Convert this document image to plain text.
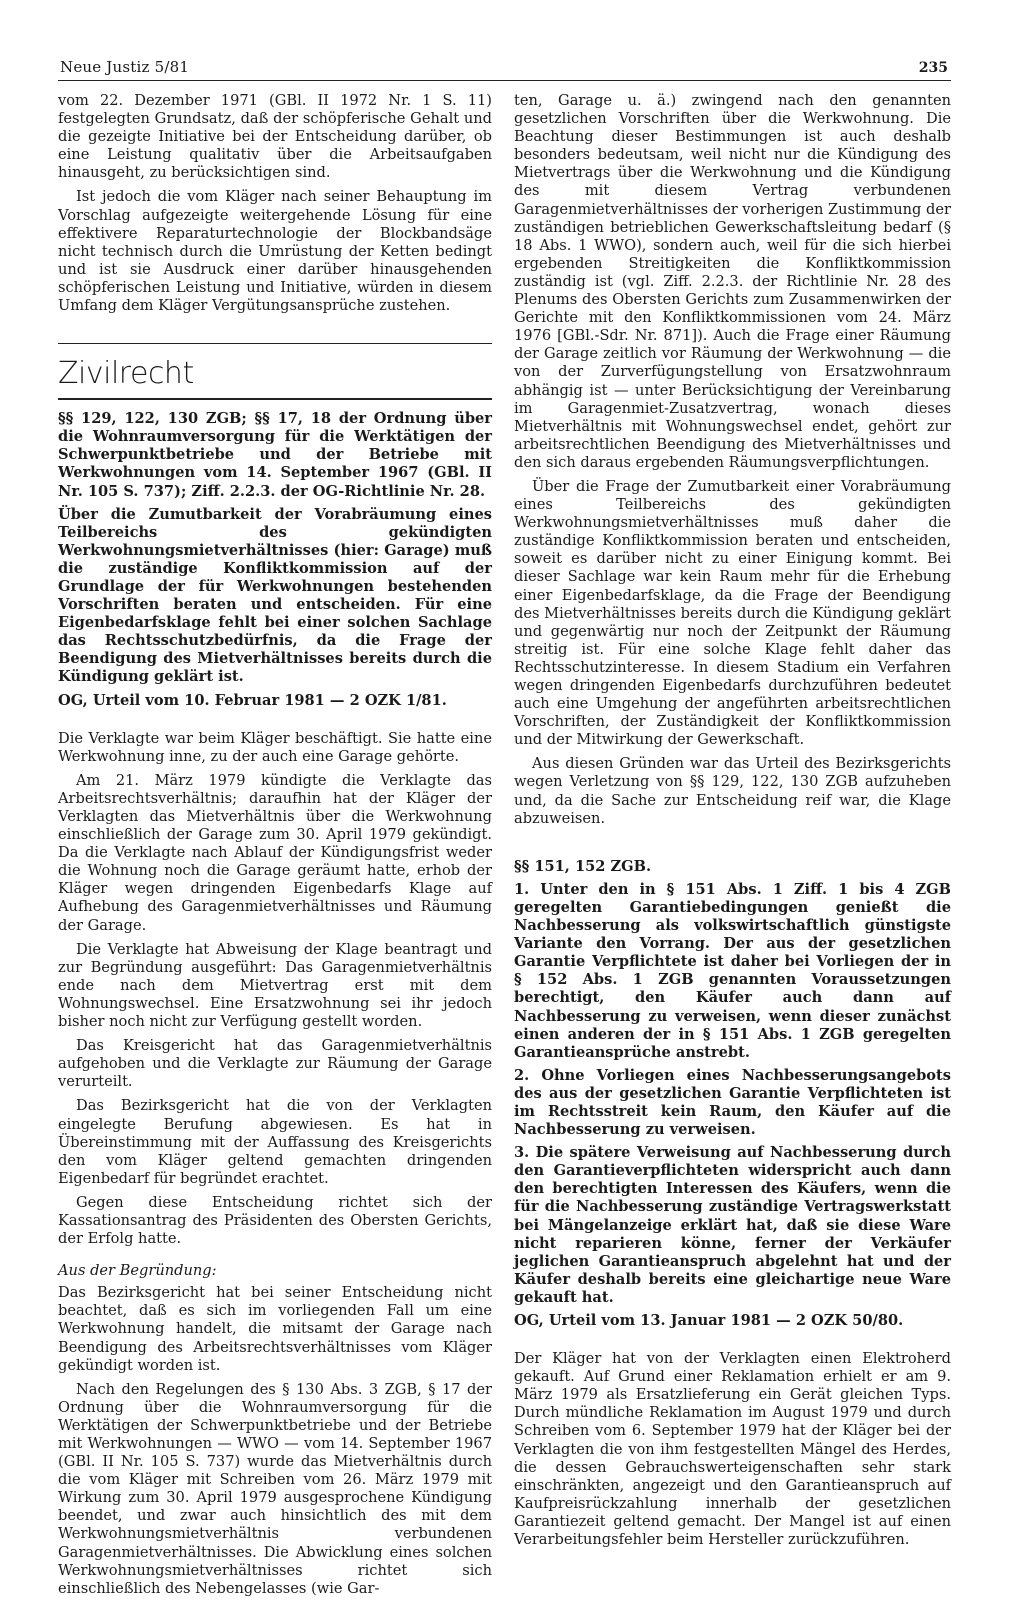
Neue Justiz 5/81	235

vom 22. Dezember 1971 (GBl. II 1972 Nr. 1 S. 11) festgelegten Grundsatz, daß der schöpferische Gehalt und die gezeigte Initiative bei der Entscheidung darüber, ob eine Leistung qualitativ über die Arbeitsaufgaben hinausgeht, zu berücksichtigen sind.

Ist jedoch die vom Kläger nach seiner Behauptung im Vorschlag aufgezeigte weitergehende Lösung für eine effektivere Reparaturtechnologie der Blockbandsäge nicht technisch durch die Umrüstung der Ketten bedingt und ist sie Ausdruck einer darüber hinausgehenden schöpferischen Leistung und Initiative, würden in diesem Umfang dem Kläger Vergütungsansprüche zustehen.

Zivilrecht

§§ 129, 122, 130 ZGB; §§ 17, 18 der Ordnung über die Wohnraumversorgung für die Werktätigen der Schwerpunktbetriebe und der Betriebe mit Werkwohnungen vom 14. September 1967 (GBl. II Nr. 105 S. 737); Ziff. 2.2.3. der OG-Richtlinie Nr. 28.

Über die Zumutbarkeit der Vorabräumung eines Teilbereichs des gekündigten Werkwohnungsmietverhältnisses (hier: Garage) muß die zuständige Konfliktkommission auf der Grundlage der für Werkwohnungen bestehenden Vorschriften beraten und entscheiden. Für eine Eigenbedarfsklage fehlt bei einer solchen Sachlage das Rechtsschutzbedürfnis, da die Frage der Beendigung des Mietverhältnisses bereits durch die Kündigung geklärt ist.

OG, Urteil vom 10. Februar 1981 — 2 OZK 1/81.

Die Verklagte war beim Kläger beschäftigt. Sie hatte eine Werkwohnung inne, zu der auch eine Garage gehörte.

Am 21. März 1979 kündigte die Verklagte das Arbeitsrechtsverhältnis; daraufhin hat der Kläger der Verklagten das Mietverhältnis über die Werkwohnung einschließlich der Garage zum 30. April 1979 gekündigt. Da die Verklagte nach Ablauf der Kündigungsfrist weder die Wohnung noch die Garage geräumt hatte, erhob der Kläger wegen dringenden Eigenbedarfs Klage auf Aufhebung des Garagenmietverhältnisses und Räumung der Garage.

Die Verklagte hat Abweisung der Klage beantragt und zur Begründung ausgeführt: Das Garagenmietverhältnis ende nach dem Mietvertrag erst mit dem Wohnungswechsel. Eine Ersatzwohnung sei ihr jedoch bisher noch nicht zur Verfügung gestellt worden.

Das Kreisgericht hat das Garagenmietverhältnis aufgehoben und die Verklagte zur Räumung der Garage verurteilt.

Das Bezirksgericht hat die von der Verklagten eingelegte Berufung abgewiesen. Es hat in Übereinstimmung mit der Auffassung des Kreisgerichts den vom Kläger geltend gemachten dringenden Eigenbedarf für begründet erachtet.

Gegen diese Entscheidung richtet sich der Kassationsantrag des Präsidenten des Obersten Gerichts, der Erfolg hatte.

Aus der Begründung:

Das Bezirksgericht hat bei seiner Entscheidung nicht beachtet, daß es sich im vorliegenden Fall um eine Werkwohnung handelt, die mitsamt der Garage nach Beendigung des Arbeitsrechtsverhältnisses vom Kläger gekündigt worden ist.

Nach den Regelungen des § 130 Abs. 3 ZGB, § 17 der Ordnung über die Wohnraumversorgung für die Werktätigen der Schwerpunktbetriebe und der Betriebe mit Werkwohnungen — WWO — vom 14. September 1967 (GBl. II Nr. 105 S. 737) wurde das Mietverhältnis durch die vom Kläger mit Schreiben vom 26. März 1979 mit Wirkung zum 30. April 1979 ausgesprochene Kündigung beendet, und zwar auch hinsichtlich des mit dem Werkwohnungsmietverhältnis verbundenen Garagenmietverhältnisses. Die Abwicklung eines solchen Werkwohnungsmietverhältnisses richtet sich einschließlich des Nebengelasses (wie Gar-

ten, Garage u. ä.) zwingend nach den genannten gesetzlichen Vorschriften über die Werkwohnung. Die Beachtung dieser Bestimmungen ist auch deshalb besonders bedeutsam, weil nicht nur die Kündigung des Mietvertrags über die Werkwohnung und die Kündigung des mit diesem Vertrag verbundenen Garagenmietverhältnisses der vorherigen Zustimmung der zuständigen betrieblichen Gewerkschaftsleitung bedarf (§ 18 Abs. 1 WWO), sondern auch, weil für die sich hierbei ergebenden Streitigkeiten die Konfliktkommission zuständig ist (vgl. Ziff. 2.2.3. der Richtlinie Nr. 28 des Plenums des Obersten Gerichts zum Zusammenwirken der Gerichte mit den Konfliktkommissionen vom 24. März 1976 [GBl.-Sdr. Nr. 871]). Auch die Frage einer Räumung der Garage zeitlich vor Räumung der Werkwohnung — die von der Zurverfügungstellung von Ersatzwohnraum abhängig ist — unter Berücksichtigung der Vereinbarung im Garagenmiet-Zusatzvertrag, wonach dieses Mietverhältnis mit Wohnungswechsel endet, gehört zur arbeitsrechtlichen Beendigung des Mietverhältnisses und den sich daraus ergebenden Räumungsverpflichtungen.

Über die Frage der Zumutbarkeit einer Vorabräumung eines Teilbereichs des gekündigten Werkwohnungsmietverhältnisses muß daher die zuständige Konfliktkommission beraten und entscheiden, soweit es darüber nicht zu einer Einigung kommt. Bei dieser Sachlage war kein Raum mehr für die Erhebung einer Eigenbedarfsklage, da die Frage der Beendigung des Mietverhältnisses bereits durch die Kündigung geklärt und gegenwärtig nur noch der Zeitpunkt der Räumung streitig ist. Für eine solche Klage fehlt daher das Rechtsschutzinteresse. In diesem Stadium ein Verfahren wegen dringenden Eigenbedarfs durchzuführen bedeutet auch eine Umgehung der angeführten arbeitsrechtlichen Vorschriften, der Zuständigkeit der Konfliktkommission und der Mitwirkung der Gewerkschaft.

Aus diesen Gründen war das Urteil des Bezirksgerichts wegen Verletzung von §§ 129, 122, 130 ZGB aufzuheben und, da die Sache zur Entscheidung reif war, die Klage abzuweisen.

§§ 151, 152 ZGB.

1. Unter den in § 151 Abs. 1 Ziff. 1 bis 4 ZGB geregelten Garantiebedingungen genießt die Nachbesserung als volkswirtschaftlich günstigste Variante den Vorrang. Der aus der gesetzlichen Garantie Verpflichtete ist daher bei Vorliegen der in § 152 Abs. 1 ZGB genannten Voraussetzungen berechtigt, den Käufer auch dann auf Nachbesserung zu verweisen, wenn dieser zunächst einen anderen der in § 151 Abs. 1 ZGB geregelten Garantieansprüche anstrebt.

2. Ohne Vorliegen eines Nachbesserungsangebots des aus der gesetzlichen Garantie Verpflichteten ist im Rechtsstreit kein Raum, den Käufer auf die Nachbesserung zu verweisen.

3. Die spätere Verweisung auf Nachbesserung durch den Garantieverpflichteten widerspricht auch dann den berechtigten Interessen des Käufers, wenn die für die Nachbesserung zuständige Vertragswerkstatt bei Mängelanzeige erklärt hat, daß sie diese Ware nicht reparieren könne, ferner der Verkäufer jeglichen Garantieanspruch abgelehnt hat und der Käufer deshalb bereits eine gleichartige neue Ware gekauft hat.

OG, Urteil vom 13. Januar 1981 — 2 OZK 50/80.

Der Kläger hat von der Verklagten einen Elektroherd gekauft. Auf Grund einer Reklamation erhielt er am 9. März 1979 als Ersatzlieferung ein Gerät gleichen Typs. Durch mündliche Reklamation im August 1979 und durch Schreiben vom 6. September 1979 hat der Kläger bei der Verklagten die von ihm festgestellten Mängel des Herdes, die dessen Gebrauchswerteigenschaften sehr stark einschränkten, angezeigt und den Garantieanspruch auf Kaufpreisrückzahlung innerhalb der gesetzlichen Garantiezeit geltend gemacht. Der Mangel ist auf einen Verarbeitungsfehler beim Hersteller zurückzuführen.
